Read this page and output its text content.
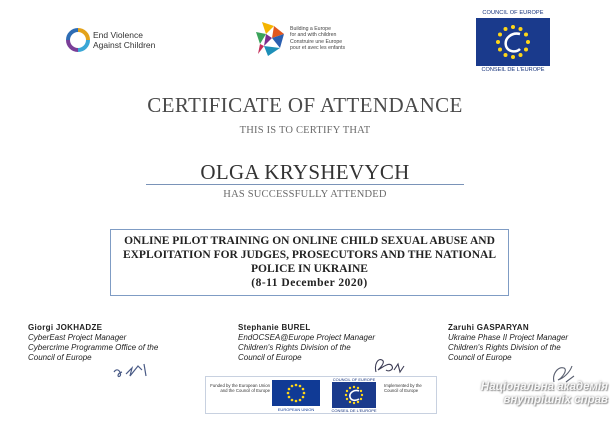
End Violence
Against Children
Building a Europe
for and with children
Construire une Europe
pour et avec les enfants
COUNCIL OF EUROPE
CONSEIL DE L'EUROPE
CERTIFICATE OF ATTENDANCE
THIS IS TO CERTIFY THAT
OLGA KRYSHEVYCH
HAS SUCCESSFULLY ATTENDED
ONLINE PILOT TRAINING ON ONLINE CHILD SEXUAL ABUSE AND EXPLOITATION FOR JUDGES, PROSECUTORS AND THE NATIONAL POLICE IN UKRAINE
(8-11 December 2020)
Giorgi JOKHADZE
CyberEast Project Manager
Cybercrime Programme Office of the
Council of Europe
Stephanie BUREL
EndOCSEA@Europe Project Manager
Children's Rights Division of the
Council of Europe
Zaruhi GASPARYAN
Ukraine Phase II Project Manager
Children's Rights Division of the
Council of Europe
Funded by the European Union and the Council of Europe
EUROPEAN UNION
COUNCIL OF EUROPE
CONSEIL DE L'EUROPE
Implemented by the Council of Europe	Національна академія
внутрішніх справ
